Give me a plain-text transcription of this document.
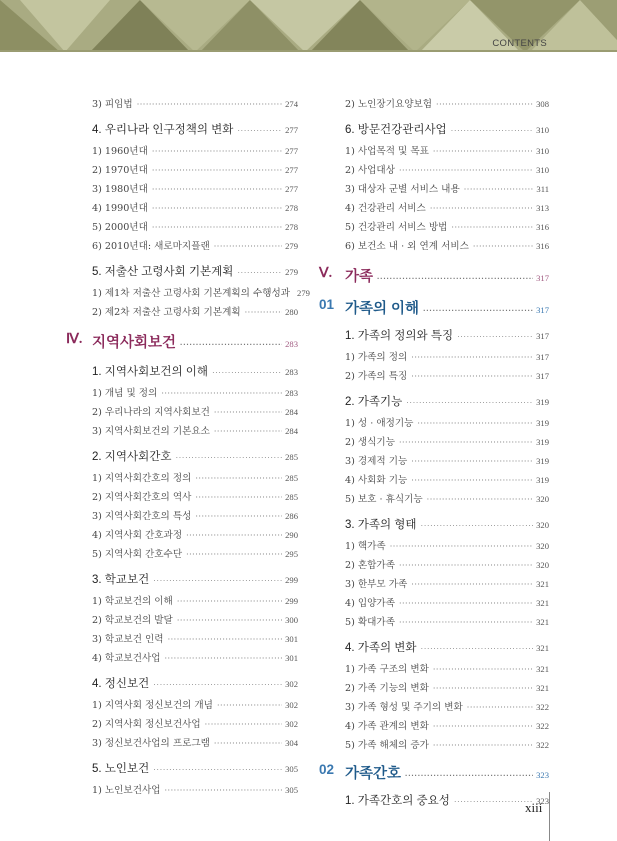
CONTENTS
3) 피임법 ·····	274
4. 우리나라 인구정책의 변화 ·····	277
1) 1960년대 ·····	277
2) 1970년대 ·····	277
3) 1980년대 ·····	277
4) 1990년대 ·····	278
5) 2000년대 ·····	278
6) 2010년대: 새로마지플랜 ·····	279
5. 저출산 고령사회 기본계획 ·····	279
1) 제1차 저출산 고령사회 기본계획의 수행성과 279
2) 제2차 저출산 고령사회 기본계획 ·····	280
Ⅳ. 지역사회보건 ·····	283
1. 지역사회보건의 이해 ·····	283
1) 개념 및 정의 ·····	283
2) 우리나라의 지역사회보건 ·····	284
3) 지역사회보건의 기본요소 ·····	284
2. 지역사회간호 ·····	285
1) 지역사회간호의 정의 ·····	285
2) 지역사회간호의 역사 ·····	285
3) 지역사회간호의 특성 ·····	286
4) 지역사회 간호과정 ·····	290
5) 지역사회 간호수단 ·····	295
3. 학교보건 ·····	299
1) 학교보건의 이해 ·····	299
2) 학교보건의 발달 ·····	300
3) 학교보건 인력 ·····	301
4) 학교보건사업 ·····	301
4. 정신보건 ·····	302
1) 지역사회 정신보건의 개념 ·····	302
2) 지역사회 정신보건사업 ·····	302
3) 정신보건사업의 프로그램 ·····	304
5. 노인보건 ·····	305
1) 노인보건사업 ·····	305
2) 노인장기요양보험 ·····	308
6. 방문건강관리사업 ·····	310
1) 사업목적 및 목표 ·····	310
2) 사업대상 ·····	310
3) 대상자 군별 서비스 내용 ·····	311
4) 건강관리 서비스 ·····	313
5) 건강관리 서비스 방법 ·····	316
6) 보건소 내 · 외 연계 서비스 ·····	316
Ⅴ. 가족 ·····	317
01 가족의 이해 ·····	317
1. 가족의 정의와 특징 ·····	317
1) 가족의 정의 ·····	317
2) 가족의 특징 ·····	317
2. 가족기능 ·····	319
1) 성 · 애정기능 ·····	319
2) 생식기능 ·····	319
3) 경제적 기능 ·····	319
4) 사회화 기능 ·····	319
5) 보호 · 휴식기능 ·····	320
3. 가족의 형태 ·····	320
1) 핵가족 ·····	320
2) 혼합가족 ·····	320
3) 한부모 가족 ·····	321
4) 입양가족 ·····	321
5) 확대가족 ·····	321
4. 가족의 변화 ·····	321
1) 가족 구조의 변화 ·····	321
2) 가족 기능의 변화 ·····	321
3) 가족 형성 및 주기의 변화 ·····	322
4) 가족 관계의 변화 ·····	322
5) 가족 해체의 증가 ·····	322
02 가족간호 ·····	323
1. 가족간호의 중요성 ·····	323
xiii
